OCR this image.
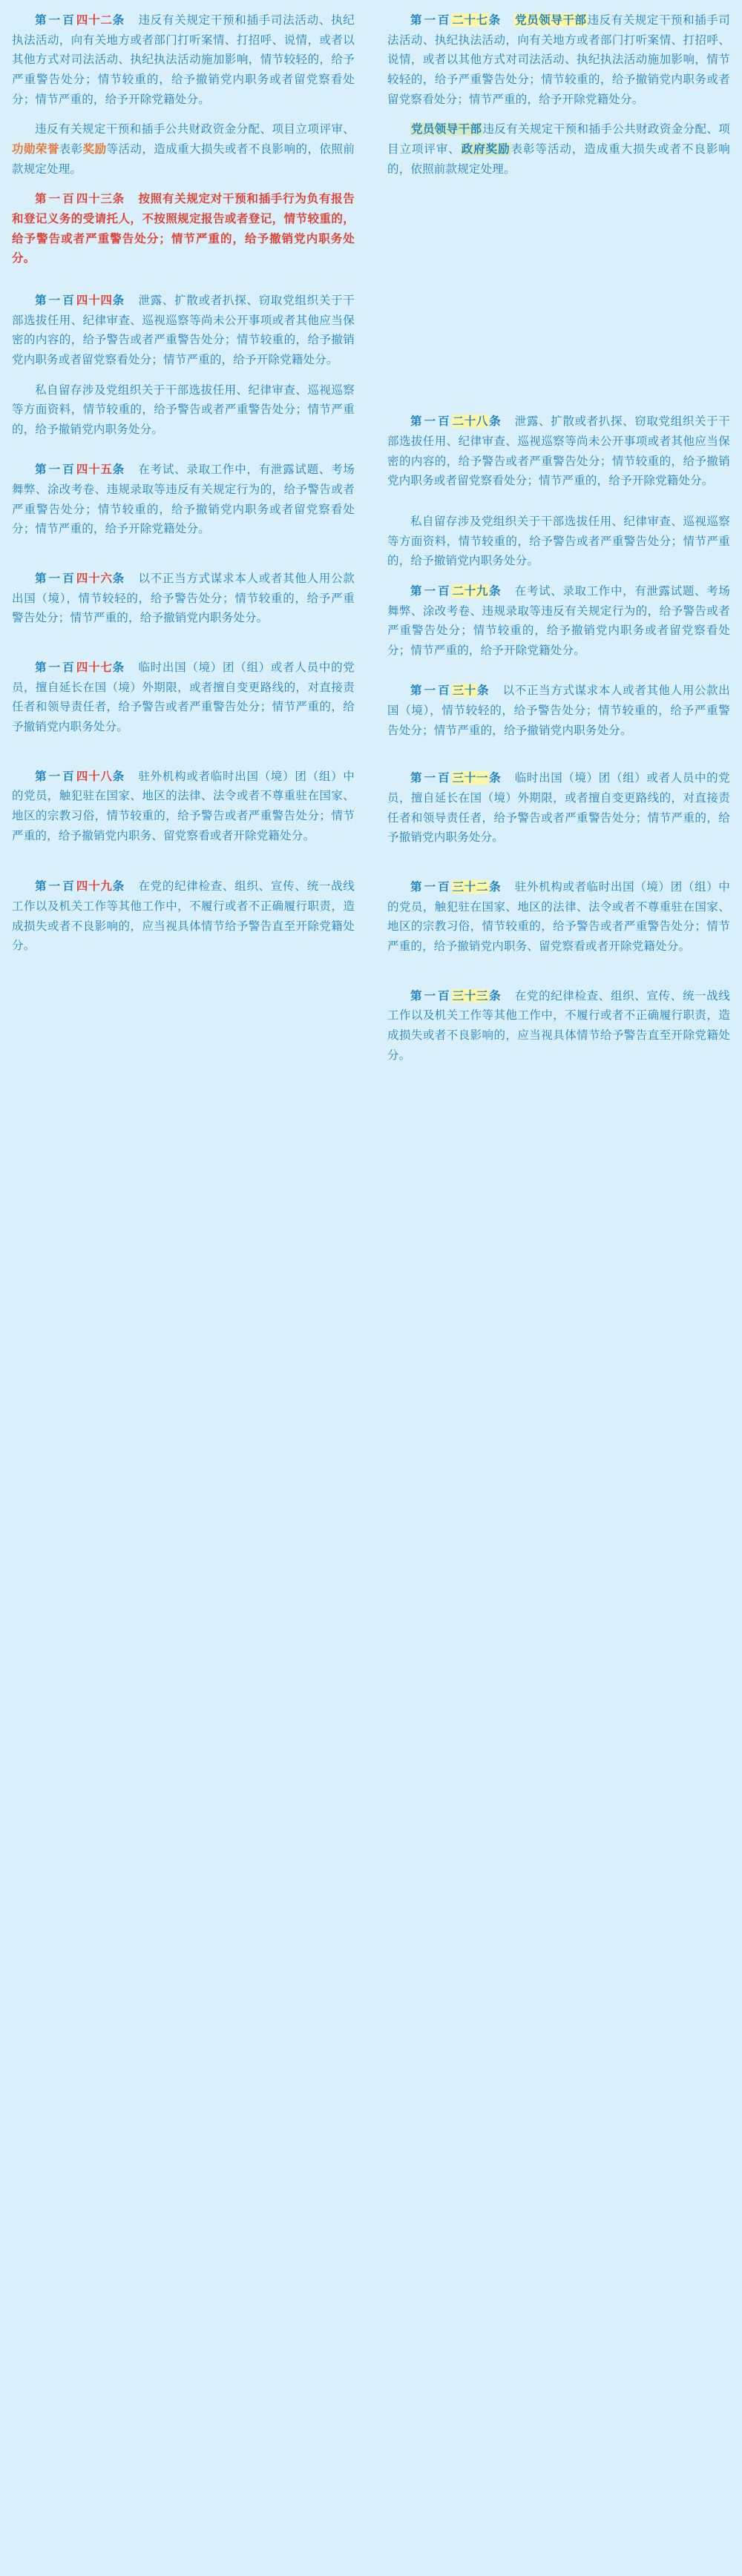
第一百四十二条　违反有关规定干预和插手司法活动、执纪执法活动，向有关地方或者部门打听案情、打招呼、说情，或者以其他方式对司法活动、执纪执法活动施加影响，情节较轻的，给予严重警告处分；情节较重的，给予撤销党内职务或者留党察看处分；情节严重的，给予开除党籍处分。

违反有关规定干预和插手公共财政资金分配、项目立项评审、功勋荣誉表彰奖励等活动，造成重大损失或者不良影响的，依照前款规定处理。

第一百四十三条　按照有关规定对干预和插手行为负有报告和登记义务的受请托人，不按照规定报告或者登记，情节较重的，给予警告或者严重警告处分；情节严重的，给予撤销党内职务处分。

第一百四十四条　泄露、扩散或者扒探、窃取党组织关于干部选拔任用、纪律审查、巡视巡察等尚未公开事项或者其他应当保密的内容的，给予警告或者严重警告处分；情节较重的，给予撤销党内职务或者留党察看处分；情节严重的，给予开除党籍处分。

私自留存涉及党组织关于干部选拔任用、纪律审查、巡视巡察等方面资料，情节较重的，给予警告或者严重警告处分；情节严重的，给予撤销党内职务处分。

第一百四十五条　在考试、录取工作中，有泄露试题、考场舞弊、涂改考卷、违规录取等违反有关规定行为的，给予警告或者严重警告处分；情节较重的，给予撤销党内职务或者留党察看处分；情节严重的，给予开除党籍处分。

第一百四十六条　以不正当方式谋求本人或者其他人用公款出国（境），情节较轻的，给予警告处分；情节较重的，给予严重警告处分；情节严重的，给予撤销党内职务处分。

第一百四十七条　临时出国（境）团（组）或者人员中的党员，擅自延长在国（境）外期限，或者擅自变更路线的，对直接责任者和领导责任者，给予警告或者严重警告处分；情节严重的，给予撤销党内职务处分。

第一百四十八条　驻外机构或者临时出国（境）团（组）中的党员，触犯驻在国家、地区的法律、法令或者不尊重驻在国家、地区的宗教习俗，情节较重的，给予警告或者严重警告处分；情节严重的，给予撤销党内职务、留党察看或者开除党籍处分。

第一百四十九条　在党的纪律检查、组织、宣传、统一战线工作以及机关工作等其他工作中，不履行或者不正确履行职责，造成损失或者不良影响的，应当视具体情节给予警告直至开除党籍处分。

第一百二十七条　 党员领导干部违反有关规定干预和插手司法活动、执纪执法活动，向有关地方或者部门打听案情、打招呼、说情，或者以其他方式对司法活动、执纪执法活动施加影响，情节较轻的，给予严重警告处分；情节较重的，给予撤销党内职务或者留党察看处分；情节严重的，给予开除党籍处分。

党员领导干部违反有关规定干预和插手公共财政资金分配、项目立项评审、政府奖励表彰等活动，造成重大损失或者不良影响的，依照前款规定处理。

第一百二十八条　泄露、扩散或者扒探、窃取党组织关于干部选拔任用、纪律审查、巡视巡察等尚未公开事项或者其他应当保密的内容的，给予警告或者严重警告处分；情节较重的，给予撤销党内职务或者留党察看处分；情节严重的，给予开除党籍处分。

私自留存涉及党组织关于干部选拔任用、纪律审查、巡视巡察等方面资料，情节较重的，给予警告或者严重警告处分；情节严重的，给予撤销党内职务处分。

第一百二十九条　在考试、录取工作中，有泄露试题、考场舞弊、涂改考卷、违规录取等违反有关规定行为的，给予警告或者严重警告处分；情节较重的，给予撤销党内职务或者留党察看处分；情节严重的，给予开除党籍处分。

第一百三十条　以不正当方式谋求本人或者其他人用公款出国（境），情节较轻的，给予警告处分；情节较重的，给予严重警告处分；情节严重的，给予撤销党内职务处分。

第一百三十一条　临时出国（境）团（组）或者人员中的党员，擅自延长在国（境）外期限，或者擅自变更路线的，对直接责任者和领导责任者，给予警告或者严重警告处分；情节严重的，给予撤销党内职务处分。

第一百三十二条　驻外机构或者临时出国（境）团（组）中的党员，触犯驻在国家、地区的法律、法令或者不尊重驻在国家、地区的宗教习俗，情节较重的，给予警告或者严重警告处分；情节严重的，给予撤销党内职务、留党察看或者开除党籍处分。

第一百三十三条　在党的纪律检查、组织、宣传、统一战线工作以及机关工作等其他工作中，不履行或者不正确履行职责，造成损失或者不良影响的，应当视具体情节给予警告直至开除党籍处分。
